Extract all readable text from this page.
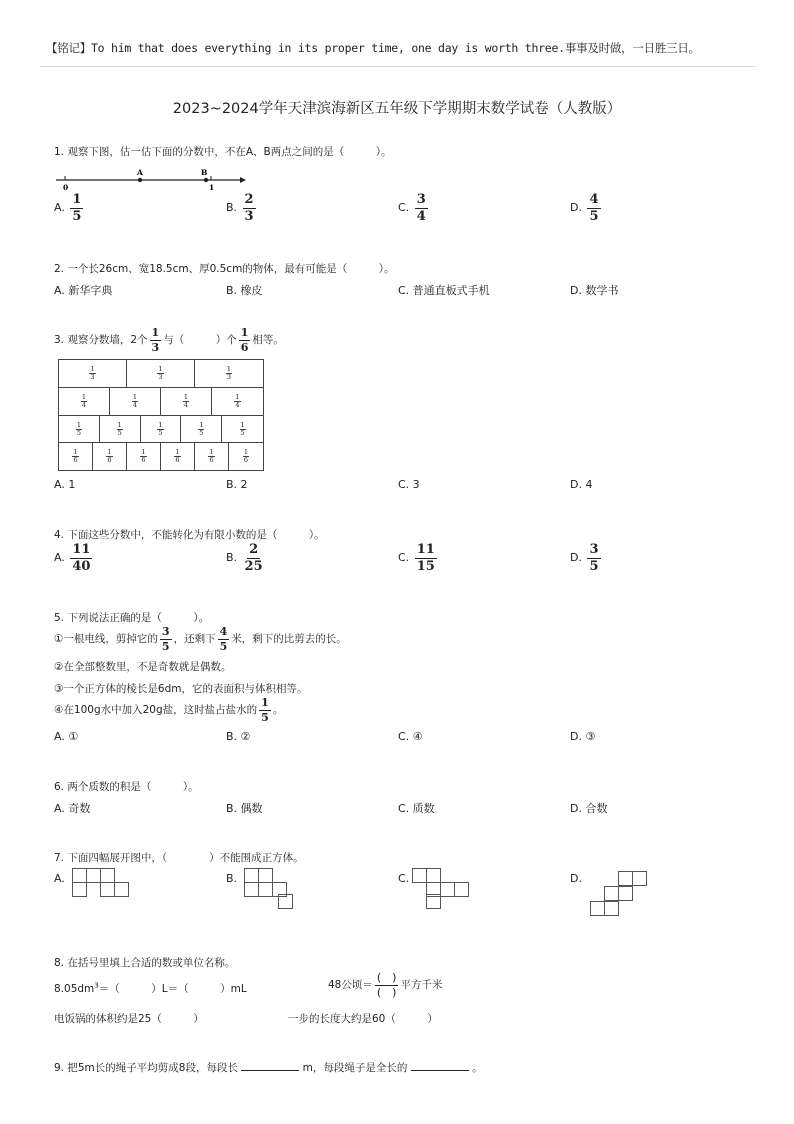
【铭记】To him that does everything in its proper time, one day is worth three.事事及时做，一日胜三日。
2023~2024学年天津滨海新区五年级下学期期末数学试卷（人教版）
1. 观察下图，估一估下面的分数中，不在A、B两点之间的是（　　　）。
0
A	B
1
A. $\frac{1}{5}$	B. $\frac{2}{3}$	C. $\frac{3}{4}$	D. $\frac{4}{5}$
2. 一个长26cm、宽18.5cm、厚0.5cm的物体，最有可能是（　　　）。
A. 新华字典	B. 橡皮	C. 普通直板式手机	D. 数学书
3. 观察分数墙，2个 $\frac{1}{3}$ 与（　　　）个 $\frac{1}{6}$ 相等。
$\frac{1}{3}$	$\frac{1}{3}$	$\frac{1}{3}$
$\frac{1}{4}$	$\frac{1}{4}$	$\frac{1}{4}$	$\frac{1}{4}$
$\frac{1}{5}$	$\frac{1}{5}$	$\frac{1}{5}$	$\frac{1}{5}$	$\frac{1}{5}$
$\frac{1}{6}$	$\frac{1}{6}$	$\frac{1}{6}$	$\frac{1}{6}$	$\frac{1}{6}$	$\frac{1}{6}$
A. 1	B. 2	C. 3	D. 4
4. 下面这些分数中，不能转化为有限小数的是（　　　）。
A. $\frac{11}{40}$	B. $\frac{2}{25}$	C. $\frac{11}{15}$	D. $\frac{3}{5}$
5. 下列说法正确的是（　　　）。
①一根电线，剪掉它的 $\frac{3}{5}$ ，还剩下 $\frac{4}{5}$ 米，剩下的比剪去的长。
②在全部整数里，不是奇数就是偶数。
③一个正方体的棱长是6dm，它的表面积与体积相等。
④在100g水中加入20g盐，这时盐占盐水的 $\frac{1}{5}$ 。
A. ①	B. ②	C. ④	D. ③
6. 两个质数的积是（　　　）。
A. 奇数	B. 偶数	C. 质数	D. 合数
7. 下面四幅展开图中，（　　　　）不能围成正方体。
A.	B.	C.	D.
8. 在括号里填上合适的数或单位名称。
$8.05dm^3=$（　　　）L＝（　　　）mL	48公顷＝ $\frac{( )}{( )}$ 平方千米
电饭锅的体积约是25（　　　）	一步的长度大约是60（　　　）
9. 把5m长的绳子平均剪成8段，每段长	m，每段绳子是全长的	。
